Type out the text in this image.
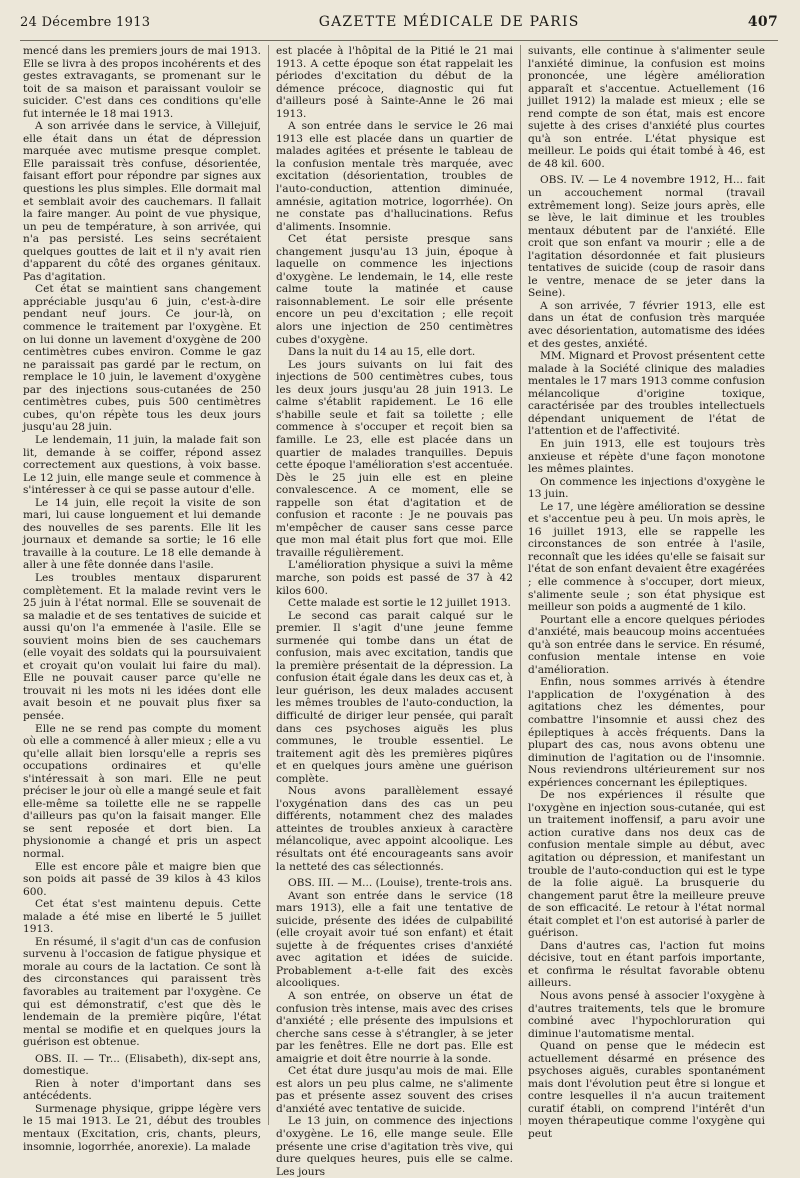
24 Décembre 1913	GAZETTE MÉDICALE DE PARIS	407

mencé dans les premiers jours de mai 1913. Elle se livra à des propos incohérents et des gestes extravagants, se promenant sur le toit de sa maison et paraissant vouloir se suicider. C'est dans ces conditions qu'elle fut internée le 18 mai 1913.

A son arrivée dans le service, à Villejuif, elle était dans un état de dépression marquée avec mutisme presque complet. Elle paraissait très confuse, désorientée, faisant effort pour répondre par signes aux questions les plus simples. Elle dormait mal et semblait avoir des cauchemars. Il fallait la faire manger. Au point de vue physique, un peu de température, à son arrivée, qui n'a pas persisté. Les seins secrétaient quelques gouttes de lait et il n'y avait rien d'apparent du côté des organes génitaux. Pas d'agitation.

Cet état se maintient sans changement appréciable jusqu'au 6 juin, c'est-à-dire pendant neuf jours. Ce jour-là, on commence le traitement par l'oxygène. Et on lui donne un lavement d'oxygène de 200 centimètres cubes environ. Comme le gaz ne paraissait pas gardé par le rectum, on remplace le 10 juin, le lavement d'oxygène par des injections sous-cutanées de 250 centimètres cubes, puis 500 centimètres cubes, qu'on répète tous les deux jours jusqu'au 28 juin.

Le lendemain, 11 juin, la malade fait son lit, demande à se coiffer, répond assez correctement aux questions, à voix basse. Le 12 juin, elle mange seule et commence à s'intéresser à ce qui se passe autour d'elle.

Le 14 juin, elle reçoit la visite de son mari, lui cause longuement et lui demande des nouvelles de ses parents. Elle lit les journaux et demande sa sortie; le 16 elle travaille à la couture. Le 18 elle demande à aller à une fête donnée dans l'asile.

Les troubles mentaux disparurent complètement. Et la malade revint vers le 25 juin à l'état normal. Elle se souvenait de sa maladie et de ses tentatives de suicide et aussi qu'on l'a emmenée à l'asile. Elle se souvient moins bien de ses cauchemars (elle voyait des soldats qui la poursuivaient et croyait qu'on voulait lui faire du mal). Elle ne pouvait causer parce qu'elle ne trouvait ni les mots ni les idées dont elle avait besoin et ne pouvait plus fixer sa pensée.

Elle ne se rend pas compte du moment où elle a commencé à aller mieux ; elle a vu qu'elle allait bien lorsqu'elle a repris ses occupations ordinaires et qu'elle s'intéressait à son mari. Elle ne peut préciser le jour où elle a mangé seule et fait elle-même sa toilette elle ne se rappelle d'ailleurs pas qu'on la faisait manger. Elle se sent reposée et dort bien. La physionomie a changé et pris un aspect normal.

Elle est encore pâle et maigre bien que son poids ait passé de 39 kilos à 43 kilos 600.

Cet état s'est maintenu depuis. Cette malade a été mise en liberté le 5 juillet 1913.

En résumé, il s'agit d'un cas de confusion survenu à l'occasion de fatigue physique et morale au cours de la lactation. Ce sont là des circonstances qui paraissent très favorables au traitement par l'oxygène. Ce qui est démonstratif, c'est que dès le lendemain de la première piqûre, l'état mental se modifie et en quelques jours la guérison est obtenue.

OBS. II. — Tr... (Elisabeth), dix-sept ans, domestique.

Rien à noter d'important dans ses antécédents.

Surmenage physique, grippe légère vers le 15 mai 1913. Le 21, début des troubles mentaux (Excitation, cris, chants, pleurs, insomnie, logorrhée, anorexie). La malade

est placée à l'hôpital de la Pitié le 21 mai 1913. A cette époque son état rappelait les périodes d'excitation du début de la démence précoce, diagnostic qui fut d'ailleurs posé à Sainte-Anne le 26 mai 1913.

A son entrée dans le service le 26 mai 1913 elle est placée dans un quartier de malades agitées et présente le tableau de la confusion mentale très marquée, avec excitation (désorientation, troubles de l'auto-conduction, attention diminuée, amnésie, agitation motrice, logorrhée). On ne constate pas d'hallucinations. Refus d'aliments. Insomnie.

Cet état persiste presque sans changement jusqu'au 13 juin, époque à laquelle on commence les injections d'oxygène. Le lendemain, le 14, elle reste calme toute la matinée et cause raisonnablement. Le soir elle présente encore un peu d'excitation ; elle reçoit alors une injection de 250 centimètres cubes d'oxygène.

Dans la nuit du 14 au 15, elle dort.

Les jours suivants on lui fait des injections de 500 centimètres cubes, tous les deux jours jusqu'au 28 juin 1913. Le calme s'établit rapidement. Le 16 elle s'habille seule et fait sa toilette ; elle commence à s'occuper et reçoit bien sa famille. Le 23, elle est placée dans un quartier de malades tranquilles. Depuis cette époque l'amélioration s'est accentuée. Dès le 25 juin elle est en pleine convalescence. A ce moment, elle se rappelle son état d'agitation et de confusion et raconte : Je ne pouvais pas m'empêcher de causer sans cesse parce que mon mal était plus fort que moi. Elle travaille régulièrement.

L'amélioration physique a suivi la même marche, son poids est passé de 37 à 42 kilos 600.

Cette malade est sortie le 12 juillet 1913.

Le second cas parait calqué sur le premier. Il s'agit d'une jeune femme surmenée qui tombe dans un état de confusion, mais avec excitation, tandis que la première présentait de la dépression. La confusion était égale dans les deux cas et, à leur guérison, les deux malades accusent les mêmes troubles de l'auto-conduction, la difficulté de diriger leur pensée, qui paraît dans ces psychoses aiguës les plus communes, le trouble essentiel. Le traitement agit dès les premières piqûres et en quelques jours amène une guérison complète.

Nous avons parallèlement essayé l'oxygénation dans des cas un peu différents, notamment chez des malades atteintes de troubles anxieux à caractère mélancolique, avec appoint alcoolique. Les résultats ont été encourageants sans avoir la netteté des cas sélectionnés.

OBS. III. — M... (Louise), trente-trois ans.

Avant son entrée dans le service (18 mars 1913), elle a fait une tentative de suicide, présente des idées de culpabilité (elle croyait avoir tué son enfant) et était sujette à de fréquentes crises d'anxiété avec agitation et idées de suicide. Probablement a-t-elle fait des excès alcooliques.

A son entrée, on observe un état de confusion très intense, mais avec des crises d'anxiété ; elle présente des impulsions et cherche sans cesse à s'étrangler, à se jeter par les fenêtres. Elle ne dort pas. Elle est amaigrie et doit être nourrie à la sonde.

Cet état dure jusqu'au mois de mai. Elle est alors un peu plus calme, ne s'alimente pas et présente assez souvent des crises d'anxiété avec tentative de suicide.

Le 13 juin, on commence des injections d'oxygène. Le 16, elle mange seule. Elle présente une crise d'agitation très vive, qui dure quelques heures, puis elle se calme. Les jours

suivants, elle continue à s'alimenter seule l'anxiété diminue, la confusion est moins prononcée, une légère amélioration apparaît et s'accentue. Actuellement (16 juillet 1912) la malade est mieux ; elle se rend compte de son état, mais est encore sujette à des crises d'anxiété plus courtes qu'à son entrée. L'état physique est meilleur. Le poids qui était tombé à 46, est de 48 kil. 600.

OBS. IV. — Le 4 novembre 1912, H... fait un accouchement normal (travail extrêmement long). Seize jours après, elle se lève, le lait diminue et les troubles mentaux débutent par de l'anxiété. Elle croit que son enfant va mourir ; elle a de l'agitation désordonnée et fait plusieurs tentatives de suicide (coup de rasoir dans le ventre, menace de se jeter dans la Seine).

A son arrivée, 7 février 1913, elle est dans un état de confusion très marquée avec désorientation, automatisme des idées et des gestes, anxiété.

MM. Mignard et Provost présentent cette malade à la Société clinique des maladies mentales le 17 mars 1913 comme confusion mélancolique d'origine toxique, caractérisée par des troubles intellectuels dépendant uniquement de l'état de l'attention et de l'affectivité.

En juin 1913, elle est toujours très anxieuse et répète d'une façon monotone les mêmes plaintes.

On commence les injections d'oxygène le 13 juin.

Le 17, une légère amélioration se dessine et s'accentue peu à peu. Un mois après, le 16 juillet 1913, elle se rappelle les circonstances de son entrée à l'asile, reconnaît que les idées qu'elle se faisait sur l'état de son enfant devaient être exagérées ; elle commence à s'occuper, dort mieux, s'alimente seule ; son état physique est meilleur son poids a augmenté de 1 kilo.

Pourtant elle a encore quelques périodes d'anxiété, mais beaucoup moins accentuées qu'à son entrée dans le service. En résumé, confusion mentale intense en voie d'amélioration.

Enfin, nous sommes arrivés à étendre l'application de l'oxygénation à des agitations chez les démentes, pour combattre l'insomnie et aussi chez des épileptiques à accès fréquents. Dans la plupart des cas, nous avons obtenu une diminution de l'agitation ou de l'insomnie. Nous reviendrons ultérieurement sur nos expériences concernant les épileptiques.

De nos expériences il résulte que l'oxygène en injection sous-cutanée, qui est un traitement inoffensif, a paru avoir une action curative dans nos deux cas de confusion mentale simple au début, avec agitation ou dépression, et manifestant un trouble de l'auto-conduction qui est le type de la folie aiguë. La brusquerie du changement parut être la meilleure preuve de son efficacité. Le retour à l'état normal était complet et l'on est autorisé à parler de guérison.

Dans d'autres cas, l'action fut moins décisive, tout en étant parfois importante, et confirma le résultat favorable obtenu ailleurs.

Nous avons pensé à associer l'oxygène à d'autres traitements, tels que le bromure combiné avec l'hypochloruration qui diminue l'automatisme mental.

Quand on pense que le médecin est actuellement désarmé en présence des psychoses aiguës, curables spontanément mais dont l'évolution peut être si longue et contre lesquelles il n'a aucun traitement curatif établi, on comprend l'intérêt d'un moyen thérapeutique comme l'oxygène qui peut
